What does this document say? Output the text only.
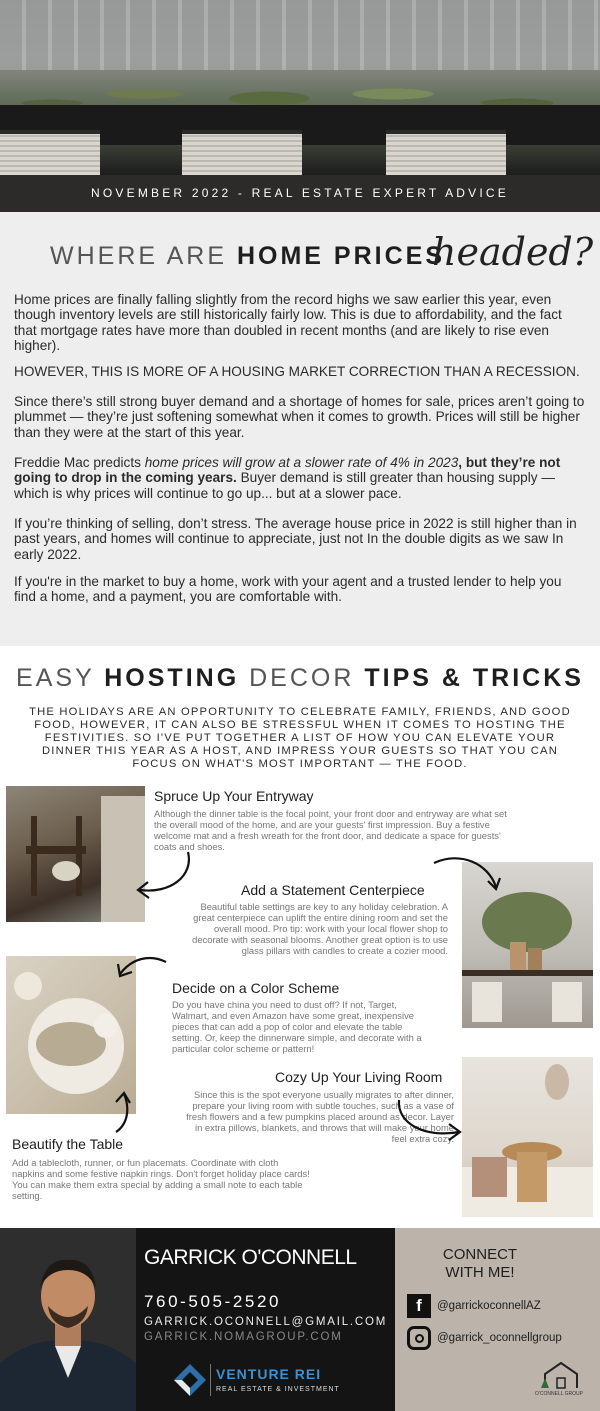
NOVEMBER 2022 - REAL ESTATE EXPERT ADVICE
WHERE ARE HOME PRICES
headed?

Home prices are finally falling slightly from the record highs we saw earlier this year, even though inventory levels are still historically fairly low. This is due to affordability, and the fact that mortgage rates have more than doubled in recent months (and are likely to rise even higher).

HOWEVER, THIS IS MORE OF A HOUSING MARKET CORRECTION THAN A RECESSION.

Since there’s still strong buyer demand and a shortage of homes for sale, prices aren’t going to plummet — they’re just softening somewhat when it comes to growth. Prices will still be higher than they were at the start of this year.

Freddie Mac predicts home prices will grow at a slower rate of 4% in 2023, but they’re not going to drop in the coming years. Buyer demand is still greater than housing supply — which is why prices will continue to go up... but at a slower pace.

If you’re thinking of selling, don’t stress. The average house price in 2022 is still higher than in past years, and homes will continue to appreciate, just not In the double digits as we saw In early 2022.

If you're in the market to buy a home, work with your agent and a trusted lender to help you find a home, and a payment, you are comfortable with.

EASY HOSTING DECOR TIPS & TRICKS

THE HOLIDAYS ARE AN OPPORTUNITY TO CELEBRATE FAMILY, FRIENDS, AND GOOD FOOD, HOWEVER, IT CAN ALSO BE STRESSFUL WHEN IT COMES TO HOSTING THE FESTIVITIES. SO I'VE PUT TOGETHER A LIST OF HOW YOU CAN ELEVATE YOUR DINNER THIS YEAR AS A HOST, AND IMPRESS YOUR GUESTS SO THAT YOU CAN FOCUS ON WHAT'S MOST IMPORTANT — THE FOOD.

Spruce Up Your Entryway
Although the dinner table is the focal point, your front door and entryway are what set the overall mood of the home, and are your guests' first impression. Buy a festive welcome mat and a fresh wreath for the front door, and dedicate a space for guests' coats and shoes.
Add a Statement Centerpiece
Beautiful table settings are key to any holiday celebration. A great centerpiece can uplift the entire dining room and set the overall mood. Pro tip: work with your local flower shop to decorate with seasonal blooms. Another great option is to use glass pillars with candles to create a cozier mood.
Decide on a Color Scheme
Do you have china you need to dust off? If not, Target, Walmart, and even Amazon have some great, inexpensive pieces that can add a pop of color and elevate the table setting. Or, keep the dinnerware simple, and decorate with a particular color scheme or pattern!
Cozy Up Your Living Room
Since this is the spot everyone usually migrates to after dinner, prepare your living room with subtle touches, such as a vase of fresh flowers and a few pumpkins placed around as decor. Layer in extra pillows, blankets, and throws that will make your home feel extra cozy.
Beautify the Table
Add a tablecloth, runner, or fun placemats. Coordinate with cloth napkins and some festive napkin rings. Don't forget holiday place cards! You can make them extra special by adding a small note to each table setting.
GARRICK O'CONNELL
760-505-2520
GARRICK.OCONNELL@GMAIL.COM
GARRICK.NOMAGROUP.COM
VENTURE REI
REAL ESTATE & INVESTMENT
CONNECT
WITH ME!
f	@garrickoconnellAZ
@garrick_oconnellgroup
O'CONNELL GROUP
